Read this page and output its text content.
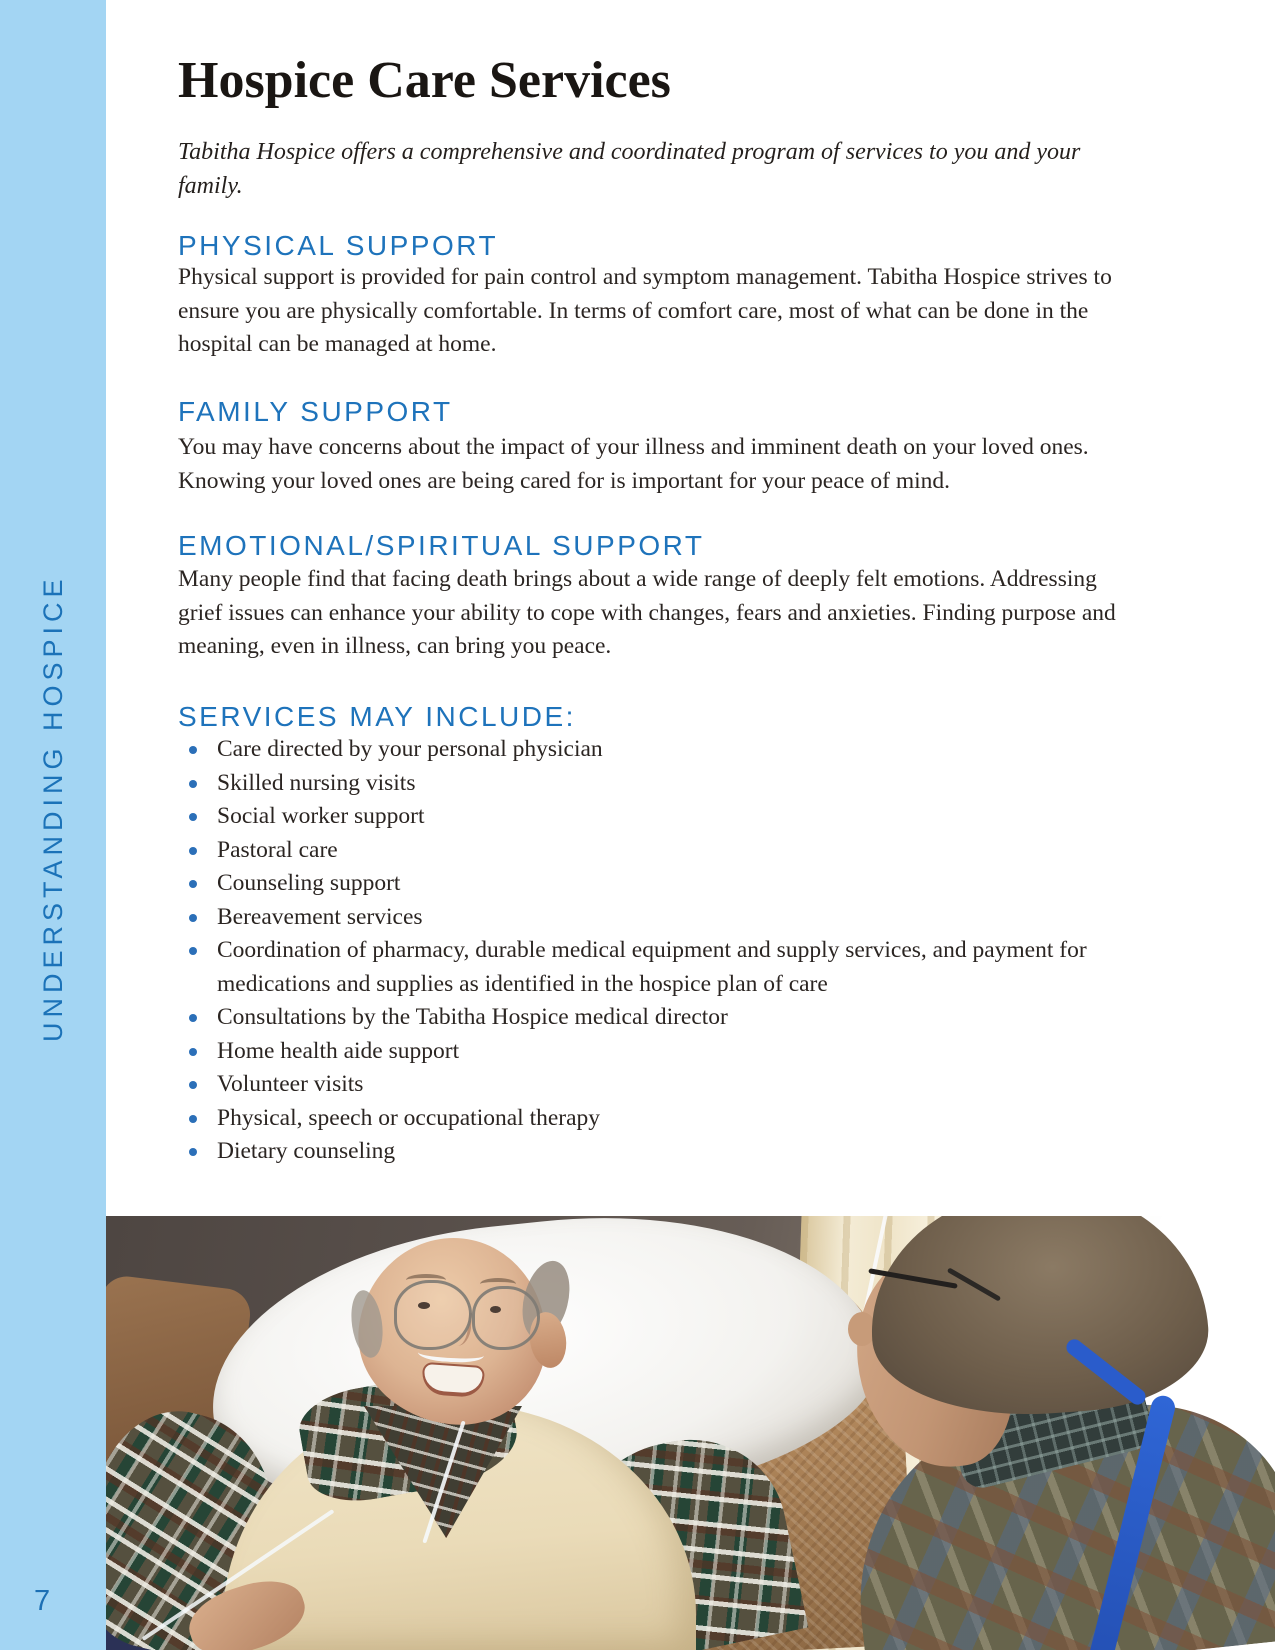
UNDERSTANDING HOSPICE
7
Hospice Care Services

Tabitha Hospice offers a comprehensive and coordinated program of services to you and your family.

PHYSICAL SUPPORT

Physical support is provided for pain control and symptom management. Tabitha Hospice strives to ensure you are physically comfortable. In terms of comfort care, most of what can be done in the hospital can be managed at home.

FAMILY SUPPORT

You may have concerns about the impact of your illness and imminent death on your loved ones. Knowing your loved ones are being cared for is important for your peace of mind.

EMOTIONAL/SPIRITUAL SUPPORT

Many people find that facing death brings about a wide range of deeply felt emotions. Addressing grief issues can enhance your ability to cope with changes, fears and anxieties. Finding purpose and meaning, even in illness, can bring you peace.

SERVICES MAY INCLUDE:
Care directed by your personal physician
Skilled nursing visits
Social worker support
Pastoral care
Counseling support
Bereavement services
Coordination of pharmacy, durable medical equipment and supply services, and payment for medications and supplies as identified in the hospice plan of care
Consultations by the Tabitha Hospice medical director
Home health aide support
Volunteer visits
Physical, speech or occupational therapy
Dietary counseling
